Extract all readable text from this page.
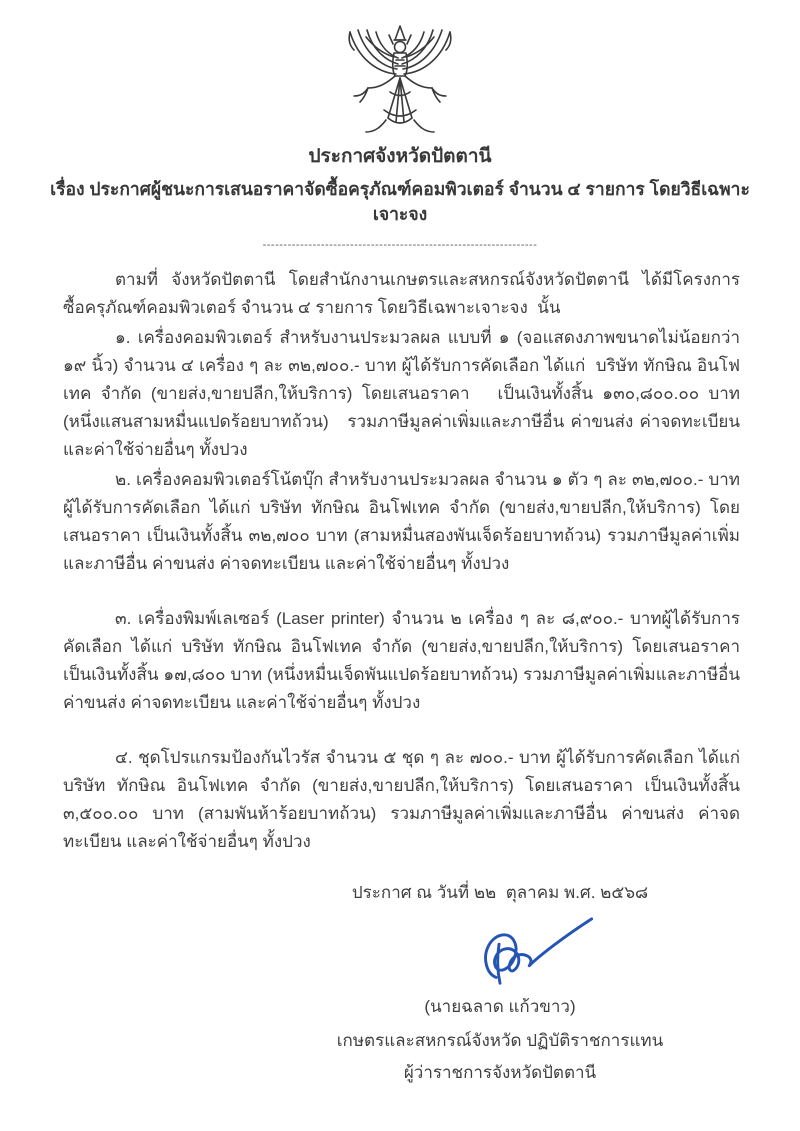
ประกาศจังหวัดปัตตานี
เรื่อง ประกาศผู้ชนะการเสนอราคาจัดซื้อครุภัณฑ์คอมพิวเตอร์ จำนวน ๔ รายการ โดยวิธีเฉพาะเจาะจง
------------------------------------------------------------------

ตามที่ จังหวัดปัตตานี โดยสำนักงานเกษตรและสหกรณ์จังหวัดปัตตานี ได้มีโครงการ ซื้อครุภัณฑ์คอมพิวเตอร์ จำนวน ๔ รายการ โดยวิธีเฉพาะเจาะจง  นั้น

๑. เครื่องคอมพิวเตอร์ สำหรับงานประมวลผล แบบที่ ๑ (จอแสดงภาพขนาดไม่น้อยกว่า ๑๙ นิ้ว) จำนวน ๔ เครื่อง ๆ ละ ๓๒,๗๐๐.- บาท ผู้ได้รับการคัดเลือก ได้แก่  บริษัท ทักษิณ อินโฟเทค จำกัด (ขายส่ง,ขายปลีก,ให้บริการ) โดยเสนอราคา   เป็นเงินทั้งสิ้น ๑๓๐,๘๐๐.๐๐ บาท (หนึ่งแสนสามหมื่นแปดร้อยบาทถ้วน)   รวมภาษีมูลค่าเพิ่มและภาษีอื่น ค่าขนส่ง ค่าจดทะเบียน และค่าใช้จ่ายอื่นๆ ทั้งปวง

๒. เครื่องคอมพิวเตอร์โน้ตบุ๊ก สำหรับงานประมวลผล จำนวน ๑ ตัว ๆ ละ ๓๒,๗๐๐.- บาทผู้ได้รับการคัดเลือก ได้แก่ บริษัท ทักษิณ อินโฟเทค จำกัด (ขายส่ง,ขายปลีก,ให้บริการ) โดยเสนอราคา เป็นเงินทั้งสิ้น ๓๒,๗๐๐ บาท (สามหมื่นสองพันเจ็ดร้อยบาทถ้วน) รวมภาษีมูลค่าเพิ่มและภาษีอื่น ค่าขนส่ง ค่าจดทะเบียน และค่าใช้จ่ายอื่นๆ ทั้งปวง

๓. เครื่องพิมพ์เลเซอร์ (Laser printer) จำนวน ๒ เครื่อง ๆ ละ ๘,๙๐๐.- บาทผู้ได้รับการคัดเลือก ได้แก่ บริษัท ทักษิณ อินโฟเทค จำกัด (ขายส่ง,ขายปลีก,ให้บริการ) โดยเสนอราคา เป็นเงินทั้งสิ้น ๑๗,๘๐๐ บาท (หนึ่งหมื่นเจ็ดพันแปดร้อยบาทถ้วน) รวมภาษีมูลค่าเพิ่มและภาษีอื่น ค่าขนส่ง ค่าจดทะเบียน และค่าใช้จ่ายอื่นๆ ทั้งปวง

๔. ชุดโปรแกรมป้องกันไวรัส จำนวน ๕ ชุด ๆ ละ ๗๐๐.- บาท ผู้ได้รับการคัดเลือก ได้แก่ บริษัท ทักษิณ อินโฟเทค จำกัด (ขายส่ง,ขายปลีก,ให้บริการ) โดยเสนอราคา เป็นเงินทั้งสิ้น ๓,๕๐๐.๐๐ บาท (สามพันห้าร้อยบาทถ้วน) รวมภาษีมูลค่าเพิ่มและภาษีอื่น ค่าขนส่ง ค่าจดทะเบียน และค่าใช้จ่ายอื่นๆ ทั้งปวง

ประกาศ ณ วันที่ ๒๒  ตุลาคม พ.ศ. ๒๕๖๘
(นายฉลาด แก้วขาว)
เกษตรและสหกรณ์จังหวัด ปฏิบัติราชการแทน
ผู้ว่าราชการจังหวัดปัตตานี
